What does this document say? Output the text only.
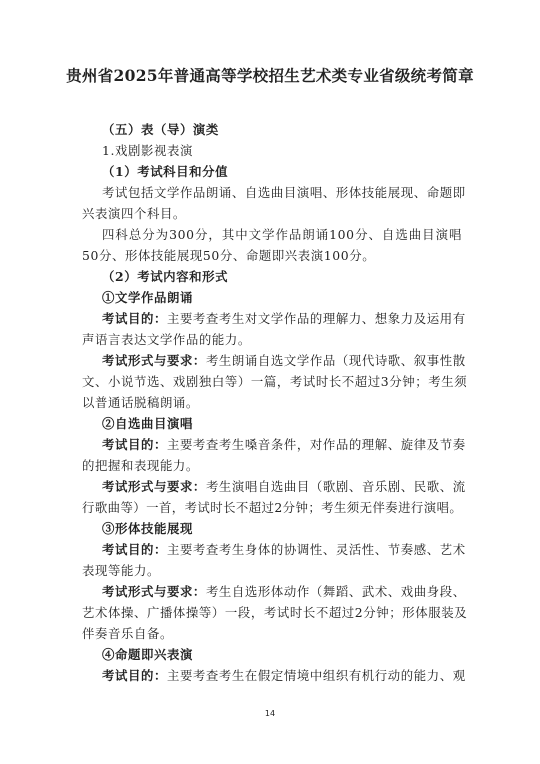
贵州省2025年普通高等学校招生艺术类专业省级统考简章
（五）表（导）演类
1.戏剧影视表演
（1）考试科目和分值
考试包括文学作品朗诵、自选曲目演唱、形体技能展现、命题即
兴表演四个科目。
四科总分为300分，其中文学作品朗诵100分、自选曲目演唱
50分、形体技能展现50分、命题即兴表演100分。
（2）考试内容和形式
①文学作品朗诵
考试目的：主要考查考生对文学作品的理解力、想象力及运用有
声语言表达文学作品的能力。
考试形式与要求：考生朗诵自选文学作品（现代诗歌、叙事性散
文、小说节选、戏剧独白等）一篇，考试时长不超过3分钟；考生须
以普通话脱稿朗诵。
②自选曲目演唱
考试目的：主要考查考生嗓音条件，对作品的理解、旋律及节奏
的把握和表现能力。
考试形式与要求：考生演唱自选曲目（歌剧、音乐剧、民歌、流
行歌曲等）一首，考试时长不超过2分钟；考生须无伴奏进行演唱。
③形体技能展现
考试目的：主要考查考生身体的协调性、灵活性、节奏感、艺术
表现等能力。
考试形式与要求：考生自选形体动作（舞蹈、武术、戏曲身段、
艺术体操、广播体操等）一段，考试时长不超过2分钟；形体服装及
伴奏音乐自备。
④命题即兴表演
考试目的：主要考查考生在假定情境中组织有机行动的能力、观
14
